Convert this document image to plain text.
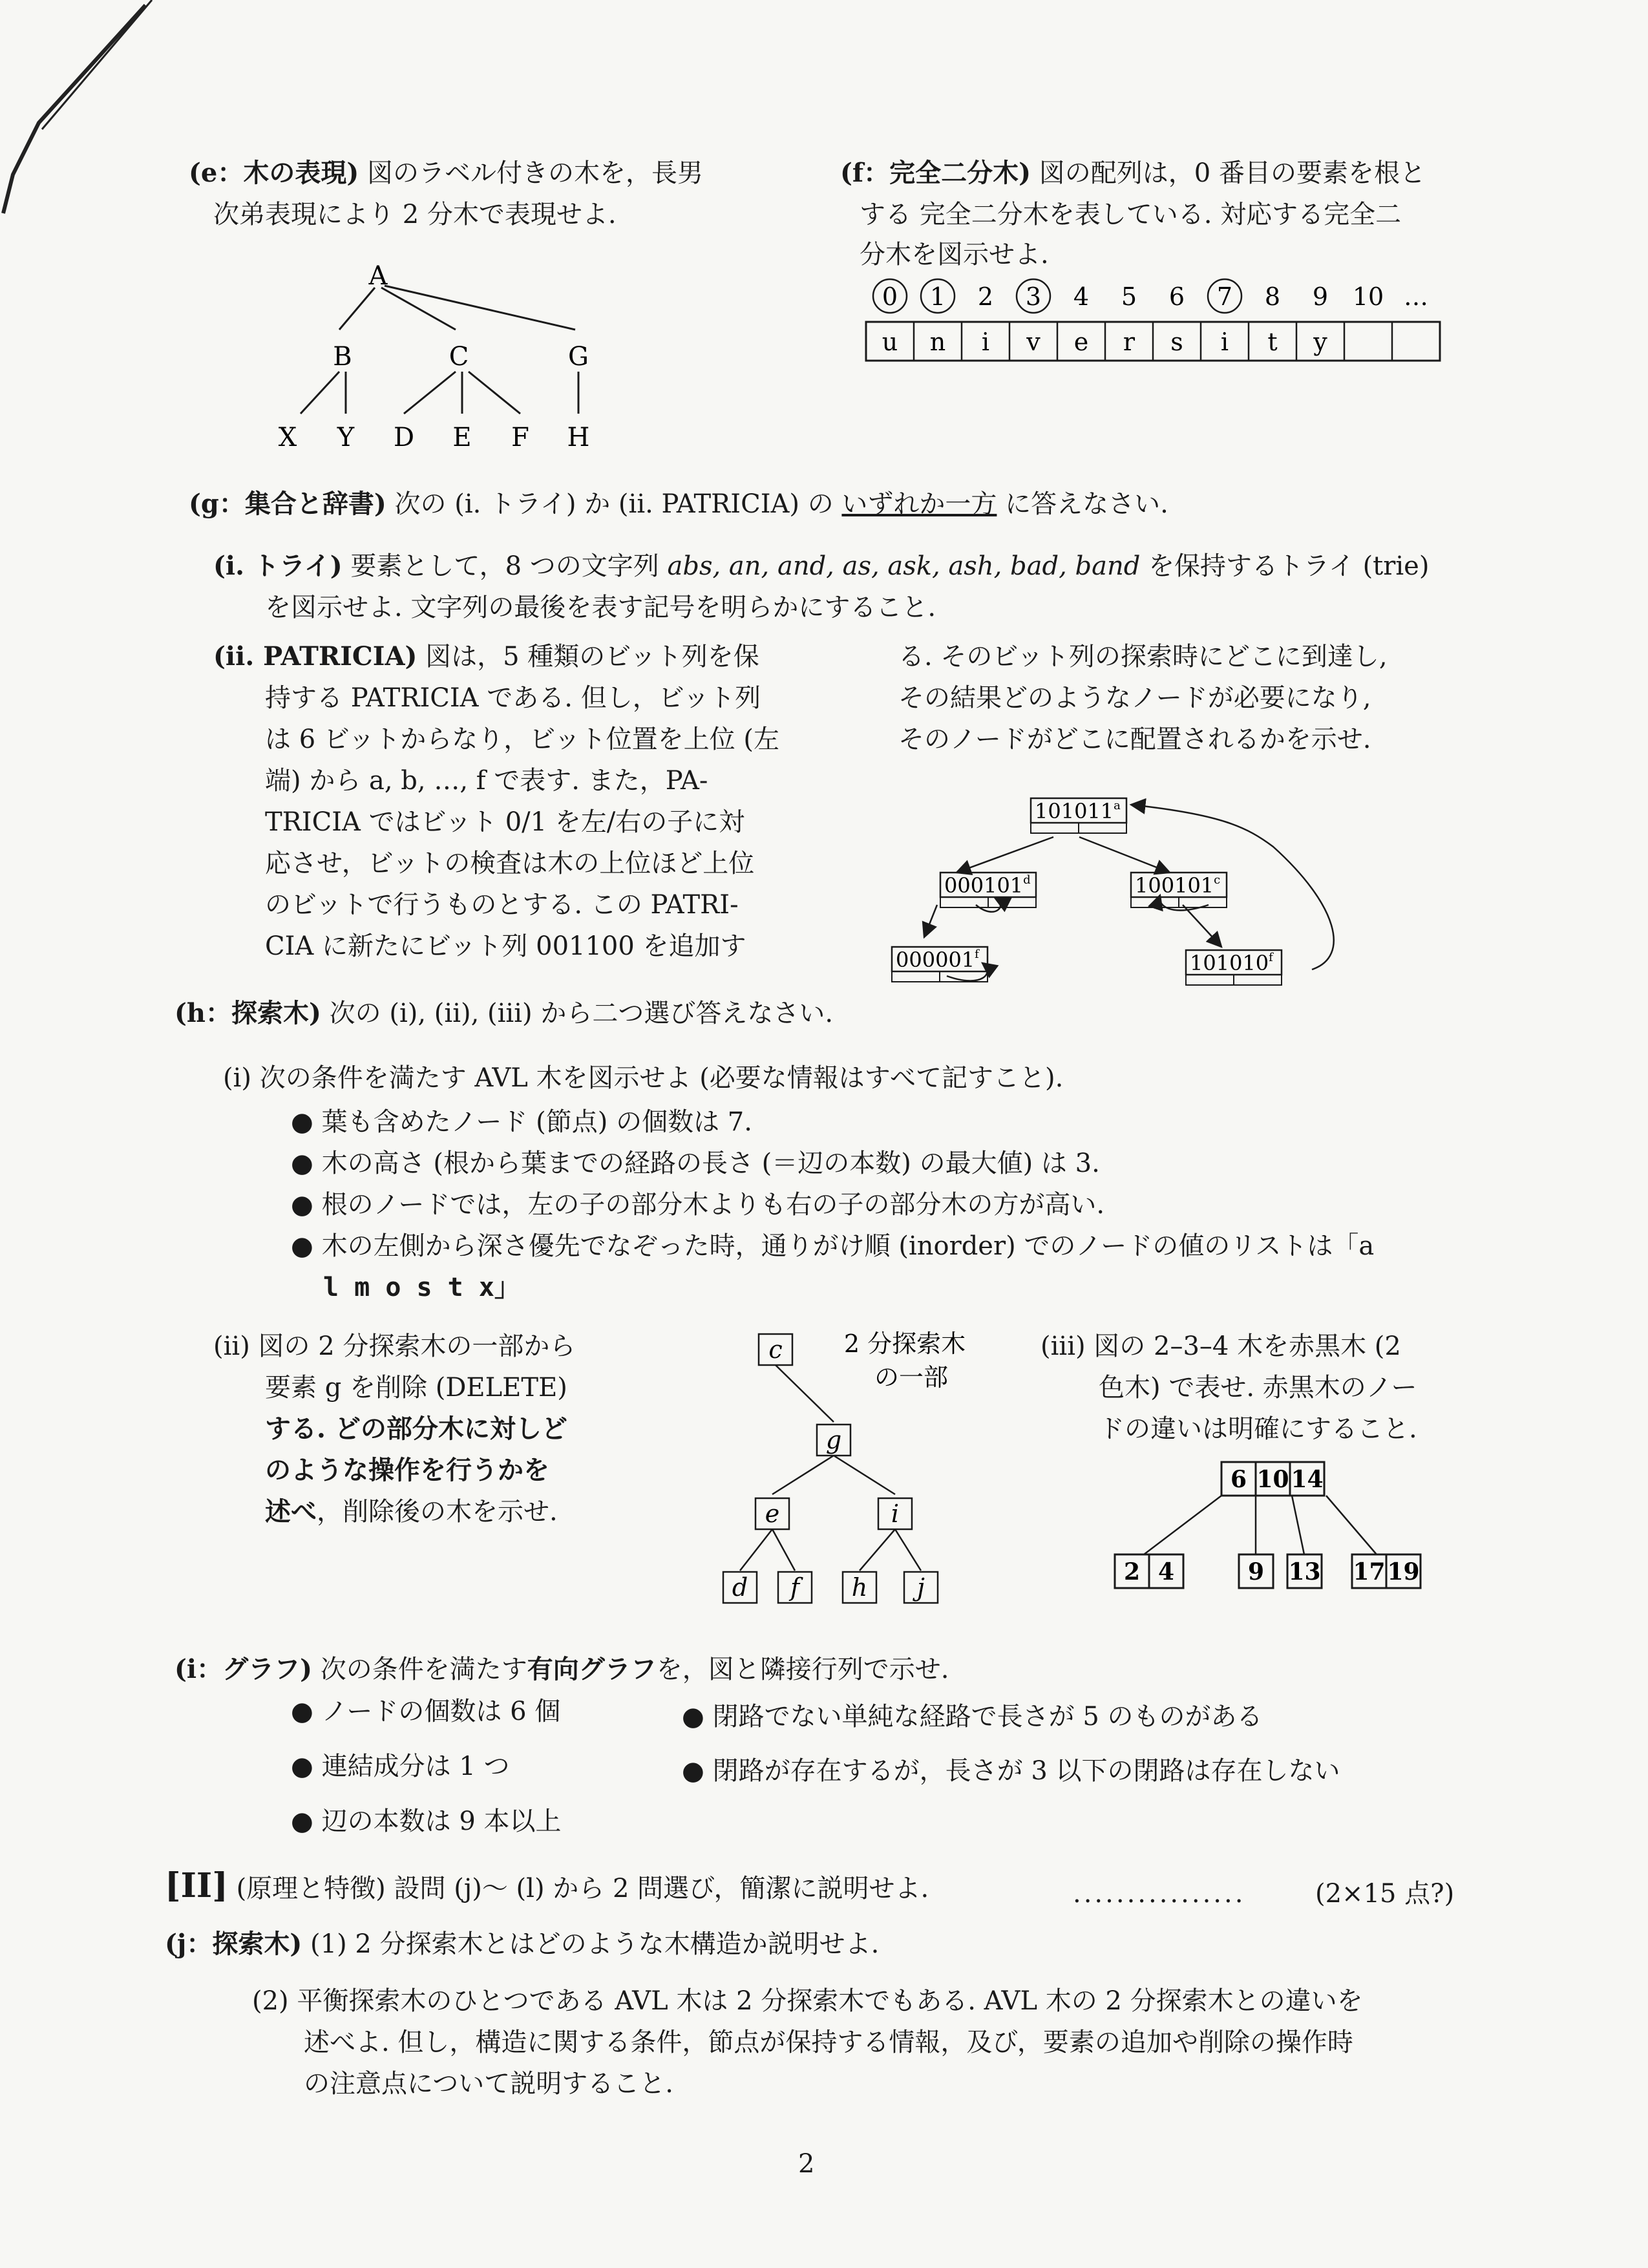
(e：木の表現) 図のラベル付きの木を，長男
次弟表現により 2 分木で表現せよ.
A
B	C	G
X Y D E F H
(f：完全二分木) 図の配列は，0 番目の要素を根と
する 完全二分木を表している. 対応する完全二
分木を図示せよ.
0 1 2 3 4 5 6 7 8 9 10 …
u n i v e r s i t y
(g：集合と辞書) 次の (i. トライ) か (ii. PATRICIA) の いずれか一方 に答えなさい.
(i. トライ) 要素として，8 つの文字列 abs, an, and, as, ask, ash, bad, band を保持するトライ (trie)
を図示せよ. 文字列の最後を表す記号を明らかにすること.
(ii. PATRICIA) 図は，5 種類のビット列を保
持する PATRICIA である. 但し，ビット列
は 6 ビットからなり，ビット位置を上位 (左
端) から a, b, …, f で表す. また，PA-
TRICIA ではビット 0/1 を左/右の子に対
応させ，ビットの検査は木の上位ほど上位
のビットで行うものとする. この PATRI-
CIA に新たにビット列 001100 を追加す
る. そのビット列の探索時にどこに到達し,
その結果どのようなノードが必要になり,
そのノードがどこに配置されるかを示せ.
101011$^a$
000101$^d$	100101$^c$
000001$^f$	101010$^f$
(h：探索木) 次の (i), (ii), (iii) から二つ選び答えなさい.
(i) 次の条件を満たす AVL 木を図示せよ (必要な情報はすべて記すこと).
● 葉も含めたノード (節点) の個数は 7.
● 木の高さ (根から葉までの経路の長さ (＝辺の本数) の最大値) は 3.
● 根のノードでは，左の子の部分木よりも右の子の部分木の方が高い.
● 木の左側から深さ優先でなぞった時，通りがけ順 (inorder) でのノードの値のリストは「a
l m o s t x」
(ii) 図の 2 分探索木の一部から
要素 g を削除 (DELETE)
する. どの部分木に対しど
のような操作を行うかを
述べ，削除後の木を示せ.
2 分探索木
の一部
c
g
e	i
d f h j
(iii) 図の 2–3–4 木を赤黒木 (2
色木) で表せ. 赤黒木のノー
ドの違いは明確にすること.
6 10 14
2 4	9 13 17 19
(i：グラフ) 次の条件を満たす有向グラフを，図と隣接行列で示せ.
● ノードの個数は 6 個
● 連結成分は 1 つ
● 辺の本数は 9 本以上
● 閉路でない単純な経路で長さが 5 のものがある
● 閉路が存在するが，長さが 3 以下の閉路は存在しない
[II] (原理と特徴) 設問 (j)～ (l) から 2 問選び，簡潔に説明せよ.	................	(2×15 点?)
(j：探索木) (1) 2 分探索木とはどのような木構造か説明せよ.
(2) 平衡探索木のひとつである AVL 木は 2 分探索木でもある. AVL 木の 2 分探索木との違いを
述べよ. 但し，構造に関する条件，節点が保持する情報，及び，要素の追加や削除の操作時
の注意点について説明すること.
2
